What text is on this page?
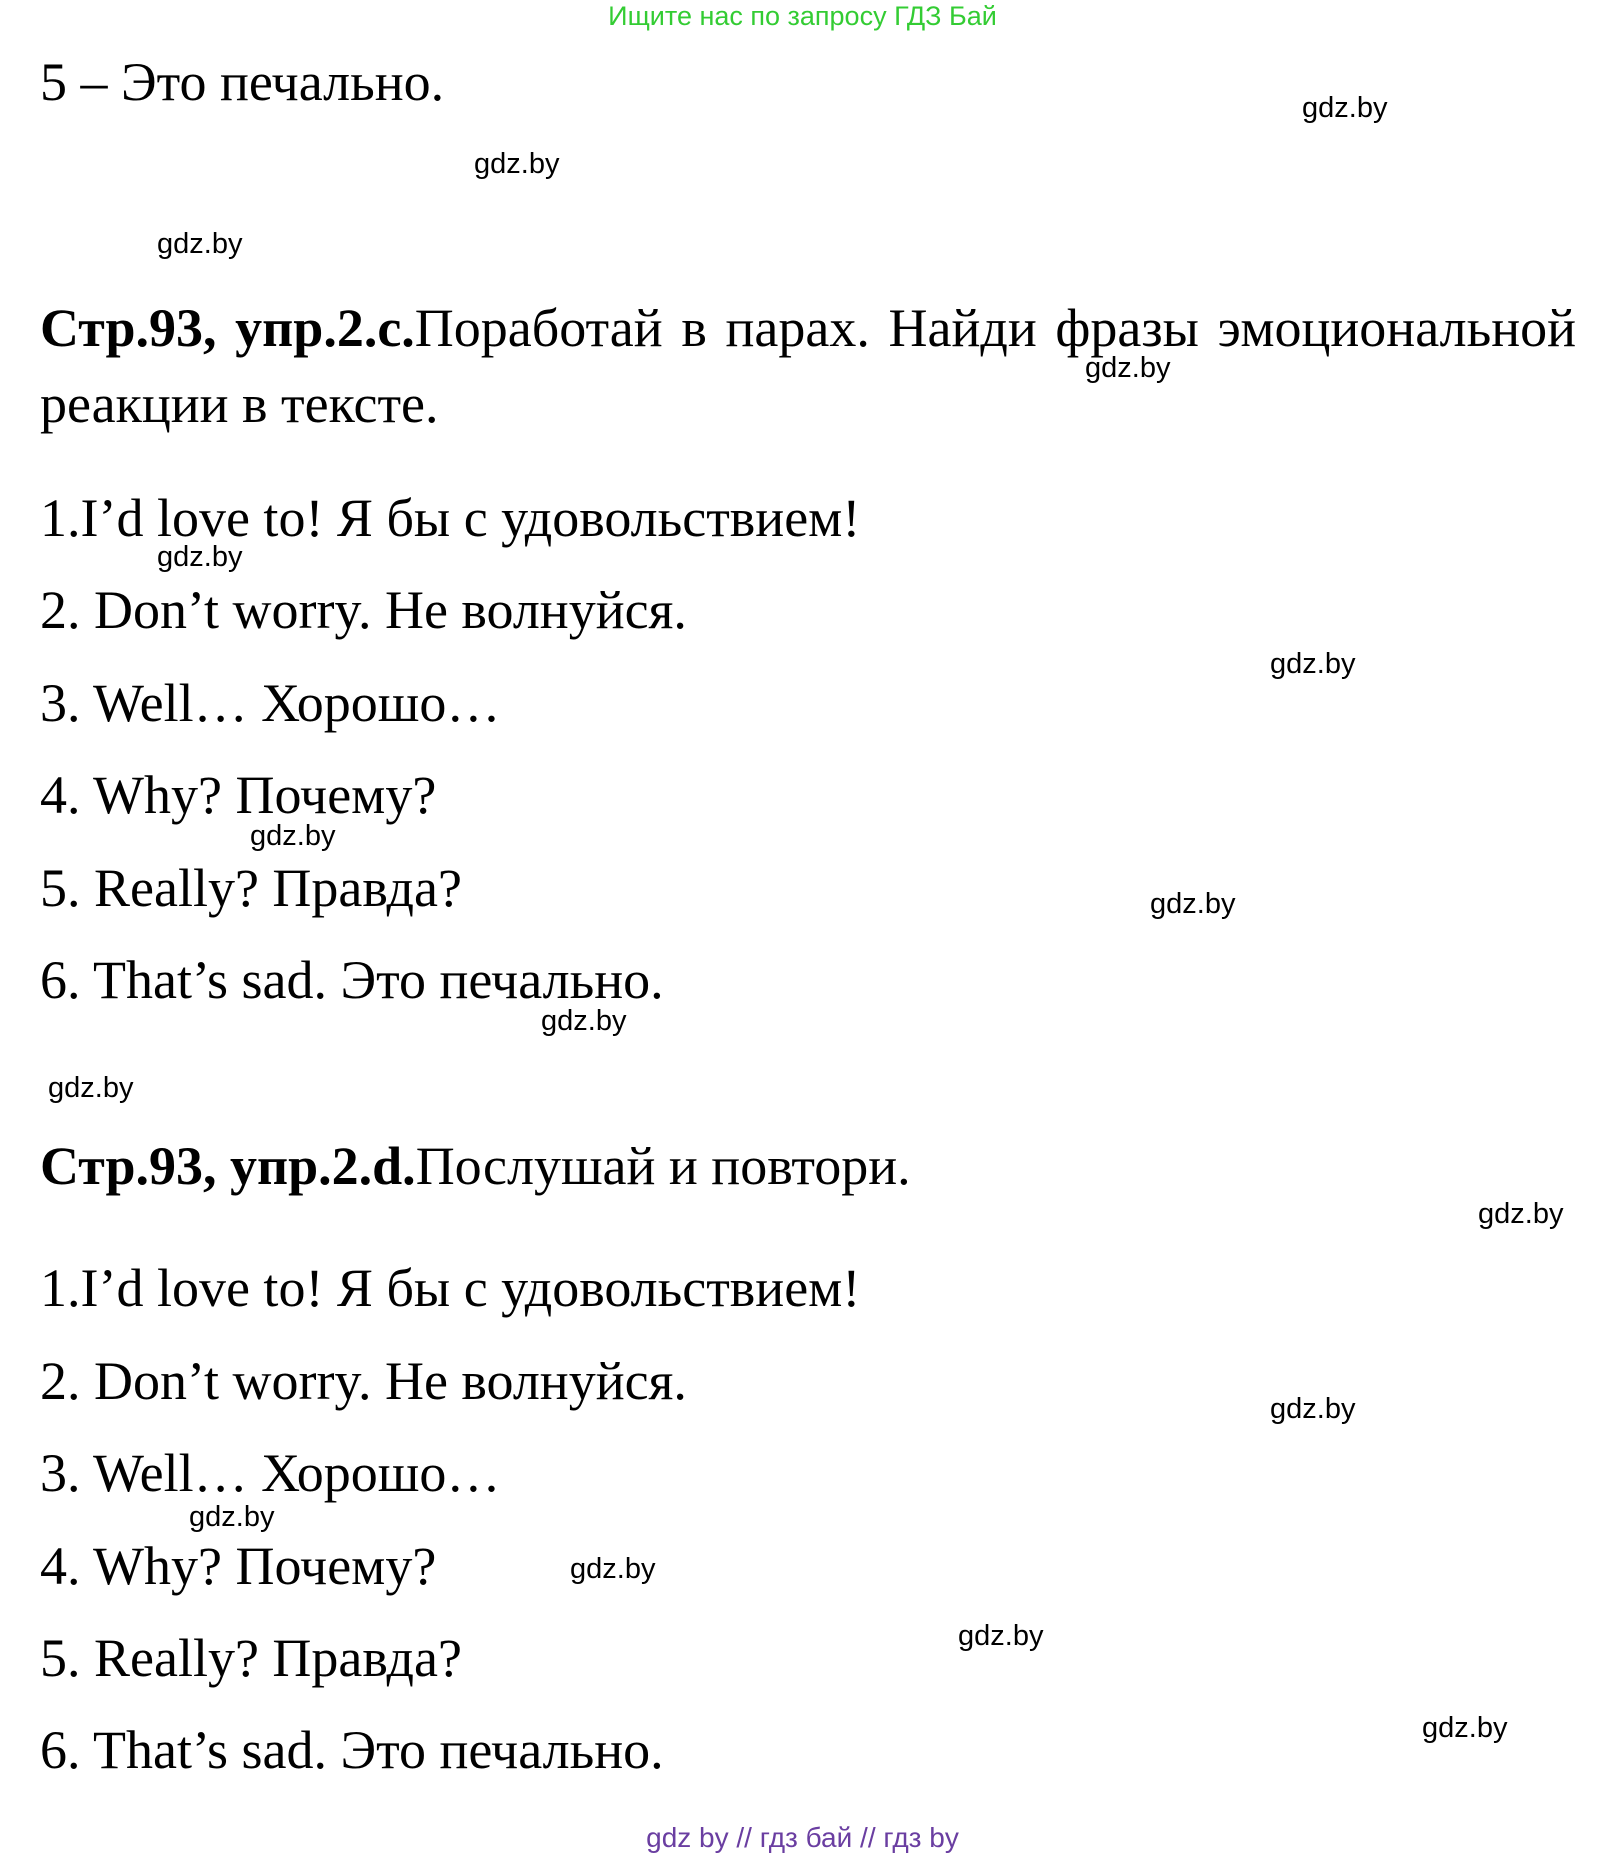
Ищите нас по запросу ГДЗ Бай
5 – Это печально.
Стр.93, упр.2.c.Поработай в парах. Найди фразы эмоциональной реакции в тексте.
1.I’d love to! Я бы с удовольствием!
2. Don’t worry. Не волнуйся.
3. Well… Хорошо…
4. Why? Почему?
5. Really? Правда?
6. That’s sad. Это печально.
Стр.93, упр.2.d.Послушай и повтори.
1.I’d love to! Я бы с удовольствием!
2. Don’t worry. Не волнуйся.
3. Well… Хорошо…
4. Why? Почему?
5. Really? Правда?
6. That’s sad. Это печально.
gdz.by
gdz.by
gdz.by
gdz.by
gdz.by
gdz.by
gdz.by
gdz.by
gdz.by
gdz.by
gdz.by
gdz.by
gdz.by
gdz.by
gdz.by
gdz.by
gdz by // гдз бай // гдз by
